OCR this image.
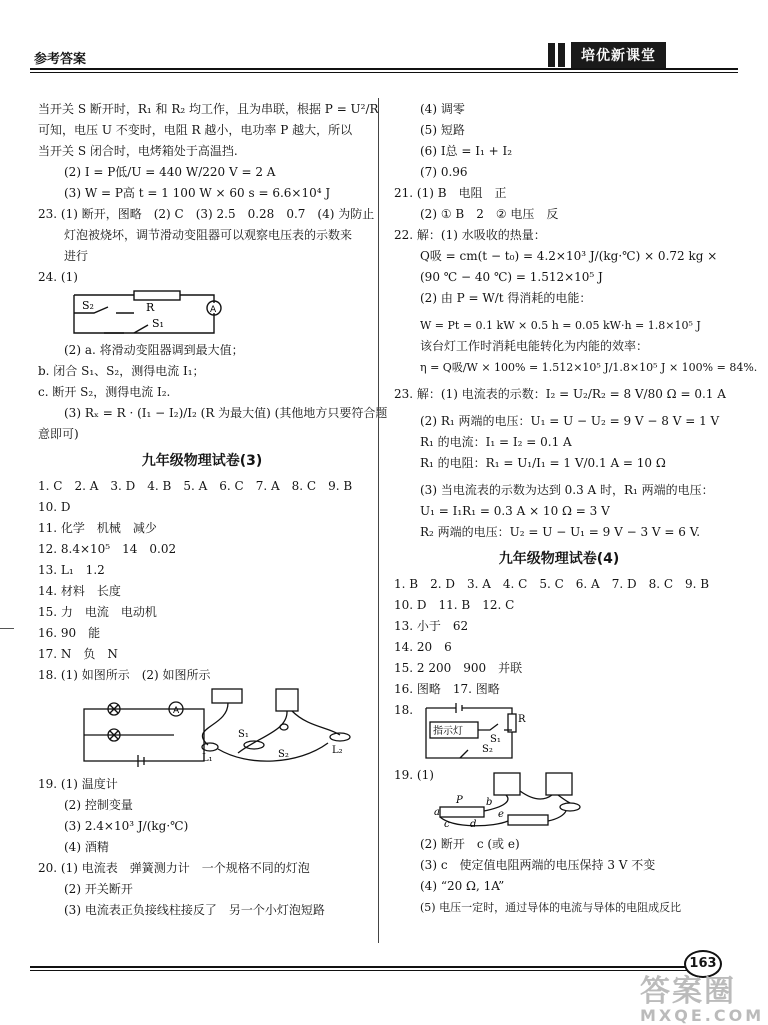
参考答案	培优新课堂
当开关 S 断开时，R₁ 和 R₂ 均工作，且为串联，根据 P = U²/R
可知，电压 U 不变时，电阻 R 越小，电功率 P 越大，所以
当开关 S 闭合时，电烤箱处于高温挡.
(2) I = P低/U = 440 W/220 V = 2 A
(3) W = P高 t = 1 100 W × 60 s = 6.6×10⁴ J
23. (1) 断开，图略　(2) C　(3) 2.5　0.28　0.7　(4) 为防止
灯泡被烧坏，调节滑动变阻器可以观察电压表的示数来
进行
24. (1)
S₂	R
S₁
A
(2) a. 将滑动变阻器调到最大值；
b. 闭合 S₁、S₂，测得电流 I₁；
c. 断开 S₂，测得电流 I₂.
(3) Rₓ = R · (I₁ − I₂)/I₂ (R 为最大值) (其他地方只要符合题
意即可)
九年级物理试卷(3)
1. C　2. A　3. D　4. B　5. A　6. C　7. A　8. C　9. B
10. D
11. 化学　机械　减少
12. 8.4×10⁵　14　0.02
13. L₁　1.2
14. 材料　长度
15. 力　电流　电动机
16. 90　能
17. N　负　N
18. (1) 如图所示　(2) 如图所示
A
L₁
L₂
S₁
S₂
19. (1) 温度计
(2) 控制变量
(3) 2.4×10³ J/(kg·℃)
(4) 酒精
20. (1) 电流表　弹簧测力计　一个规格不同的灯泡
(2) 开关断开
(3) 电流表正负接线柱接反了　另一个小灯泡短路
(4) 调零
(5) 短路
(6) I总 = I₁ + I₂
(7) 0.96
21. (1) B　电阻　正
(2) ① B　2　② 电压　反
22. 解：(1) 水吸收的热量：
Q吸 = cm(t − t₀) = 4.2×10³ J/(kg·℃) × 0.72 kg ×
(90 ℃ − 40 ℃) = 1.512×10⁵ J
(2) 由 P = W/t 得消耗的电能：
W = Pt = 0.1 kW × 0.5 h = 0.05 kW·h = 1.8×10⁵ J
该台灯工作时消耗电能转化为内能的效率：
η = Q吸/W × 100% = 1.512×10⁵ J/1.8×10⁵ J × 100% = 84%.
23. 解：(1) 电流表的示数：I₂ = U₂/R₂ = 8 V/80 Ω = 0.1 A
(2) R₁ 两端的电压：U₁ = U − U₂ = 9 V − 8 V = 1 V
R₁ 的电流：I₁ = I₂ = 0.1 A
R₁ 的电阻：R₁ = U₁/I₁ = 1 V/0.1 A = 10 Ω
(3) 当电流表的示数为达到 0.3 A 时，R₁ 两端的电压：
U₁ = I₁R₁ = 0.3 A × 10 Ω = 3 V
R₂ 两端的电压：U₂ = U − U₁ = 9 V − 3 V = 6 V.
九年级物理试卷(4)
1. B　2. D　3. A　4. C　5. C　6. A　7. D　8. C　9. B
10. D　11. B　12. C
13. 小于　62
14. 20　6
15. 2 200　900　并联
16. 图略　17. 图略
18.
指示灯
R
S₁
S₂
19. (1)
P
a
b
c d
e
(2) 断开　c (或 e)
(3) c　使定值电阻两端的电压保持 3 V 不变
(4) “20 Ω, 1A”
(5) 电压一定时，通过导体的电流与导体的电阻成反比
163
答案圈
MXQE.COM
